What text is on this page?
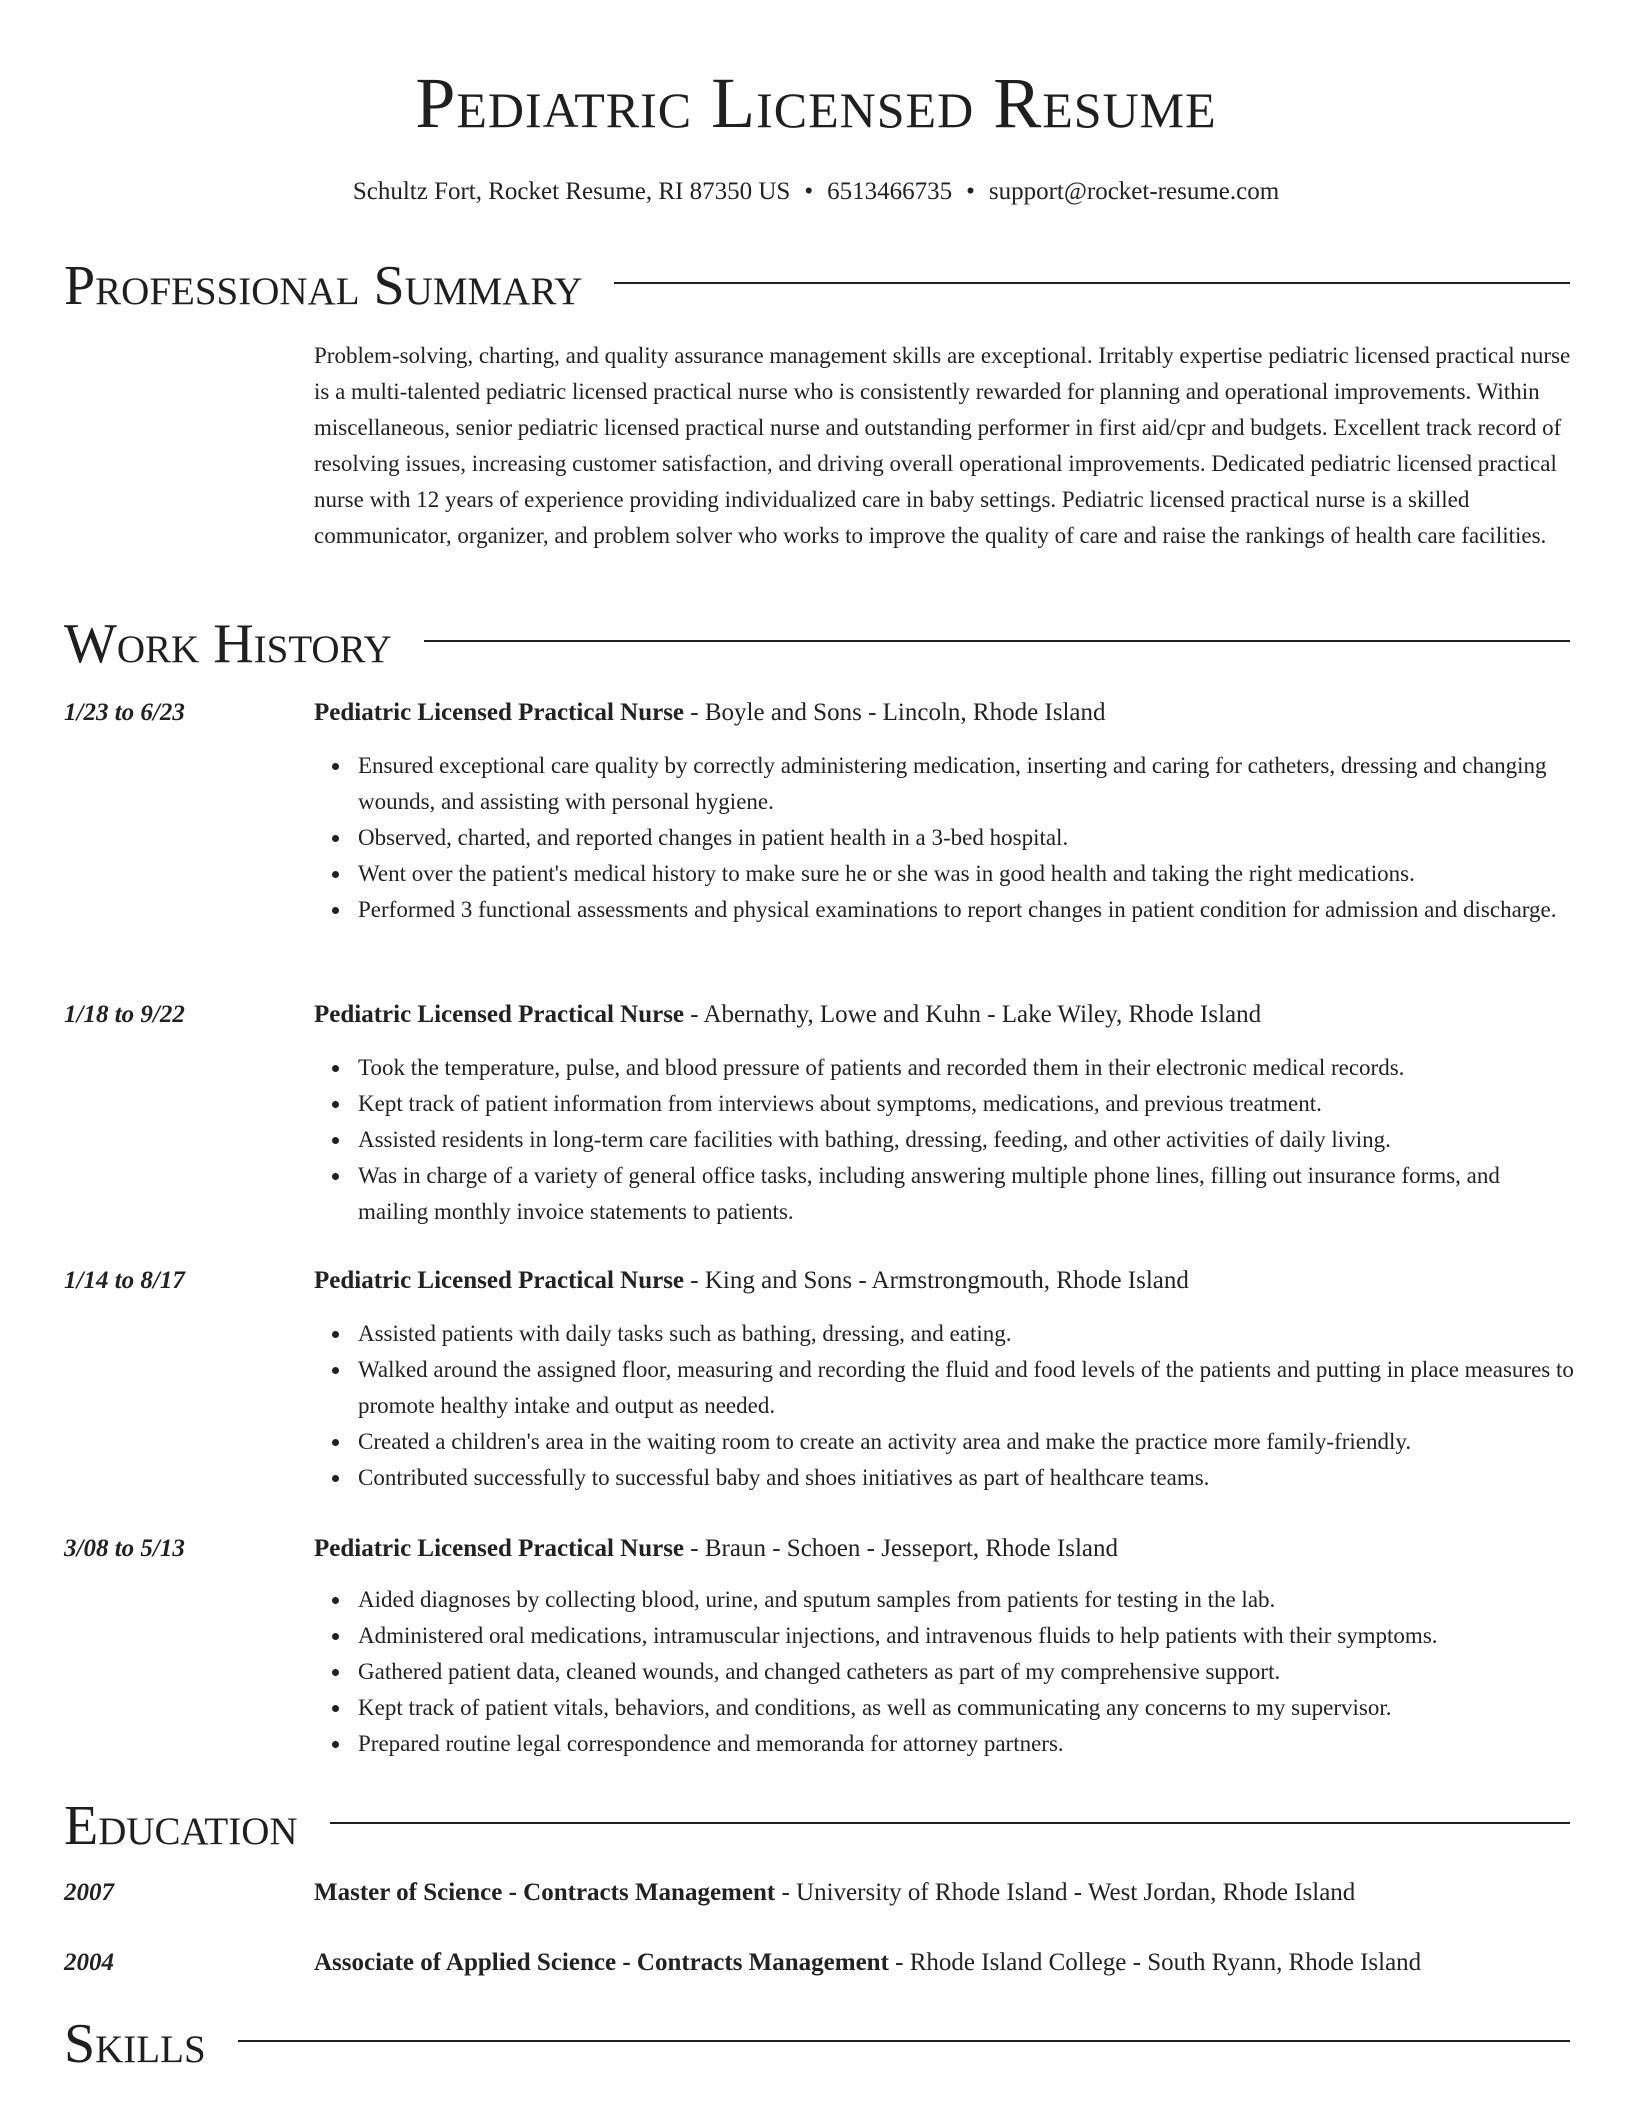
Pediatric Licensed Resume
Schultz Fort, Rocket Resume, RI 87350 US • 6513466735 • support@rocket-resume.com
Professional Summary
Problem-solving, charting, and quality assurance management skills are exceptional. Irritably expertise pediatric licensed practical nurse is a multi-talented pediatric licensed practical nurse who is consistently rewarded for planning and operational improvements. Within miscellaneous, senior pediatric licensed practical nurse and outstanding performer in first aid/cpr and budgets. Excellent track record of resolving issues, increasing customer satisfaction, and driving overall operational improvements. Dedicated pediatric licensed practical nurse with 12 years of experience providing individualized care in baby settings. Pediatric licensed practical nurse is a skilled communicator, organizer, and problem solver who works to improve the quality of care and raise the rankings of health care facilities.
Work History
1/23 to 6/23	Pediatric Licensed Practical Nurse - Boyle and Sons - Lincoln, Rhode Island
Ensured exceptional care quality by correctly administering medication, inserting and caring for catheters, dressing and changing wounds, and assisting with personal hygiene.
Observed, charted, and reported changes in patient health in a 3-bed hospital.
Went over the patient's medical history to make sure he or she was in good health and taking the right medications.
Performed 3 functional assessments and physical examinations to report changes in patient condition for admission and discharge.
1/18 to 9/22	Pediatric Licensed Practical Nurse - Abernathy, Lowe and Kuhn - Lake Wiley, Rhode Island
Took the temperature, pulse, and blood pressure of patients and recorded them in their electronic medical records.
Kept track of patient information from interviews about symptoms, medications, and previous treatment.
Assisted residents in long-term care facilities with bathing, dressing, feeding, and other activities of daily living.
Was in charge of a variety of general office tasks, including answering multiple phone lines, filling out insurance forms, and mailing monthly invoice statements to patients.
1/14 to 8/17	Pediatric Licensed Practical Nurse - King and Sons - Armstrongmouth, Rhode Island
Assisted patients with daily tasks such as bathing, dressing, and eating.
Walked around the assigned floor, measuring and recording the fluid and food levels of the patients and putting in place measures to promote healthy intake and output as needed.
Created a children's area in the waiting room to create an activity area and make the practice more family-friendly.
Contributed successfully to successful baby and shoes initiatives as part of healthcare teams.
3/08 to 5/13	Pediatric Licensed Practical Nurse - Braun - Schoen - Jesseport, Rhode Island
Aided diagnoses by collecting blood, urine, and sputum samples from patients for testing in the lab.
Administered oral medications, intramuscular injections, and intravenous fluids to help patients with their symptoms.
Gathered patient data, cleaned wounds, and changed catheters as part of my comprehensive support.
Kept track of patient vitals, behaviors, and conditions, as well as communicating any concerns to my supervisor.
Prepared routine legal correspondence and memoranda for attorney partners.
Education
2007	Master of Science - Contracts Management - University of Rhode Island - West Jordan, Rhode Island
2004	Associate of Applied Science - Contracts Management - Rhode Island College - South Ryann, Rhode Island
Skills
